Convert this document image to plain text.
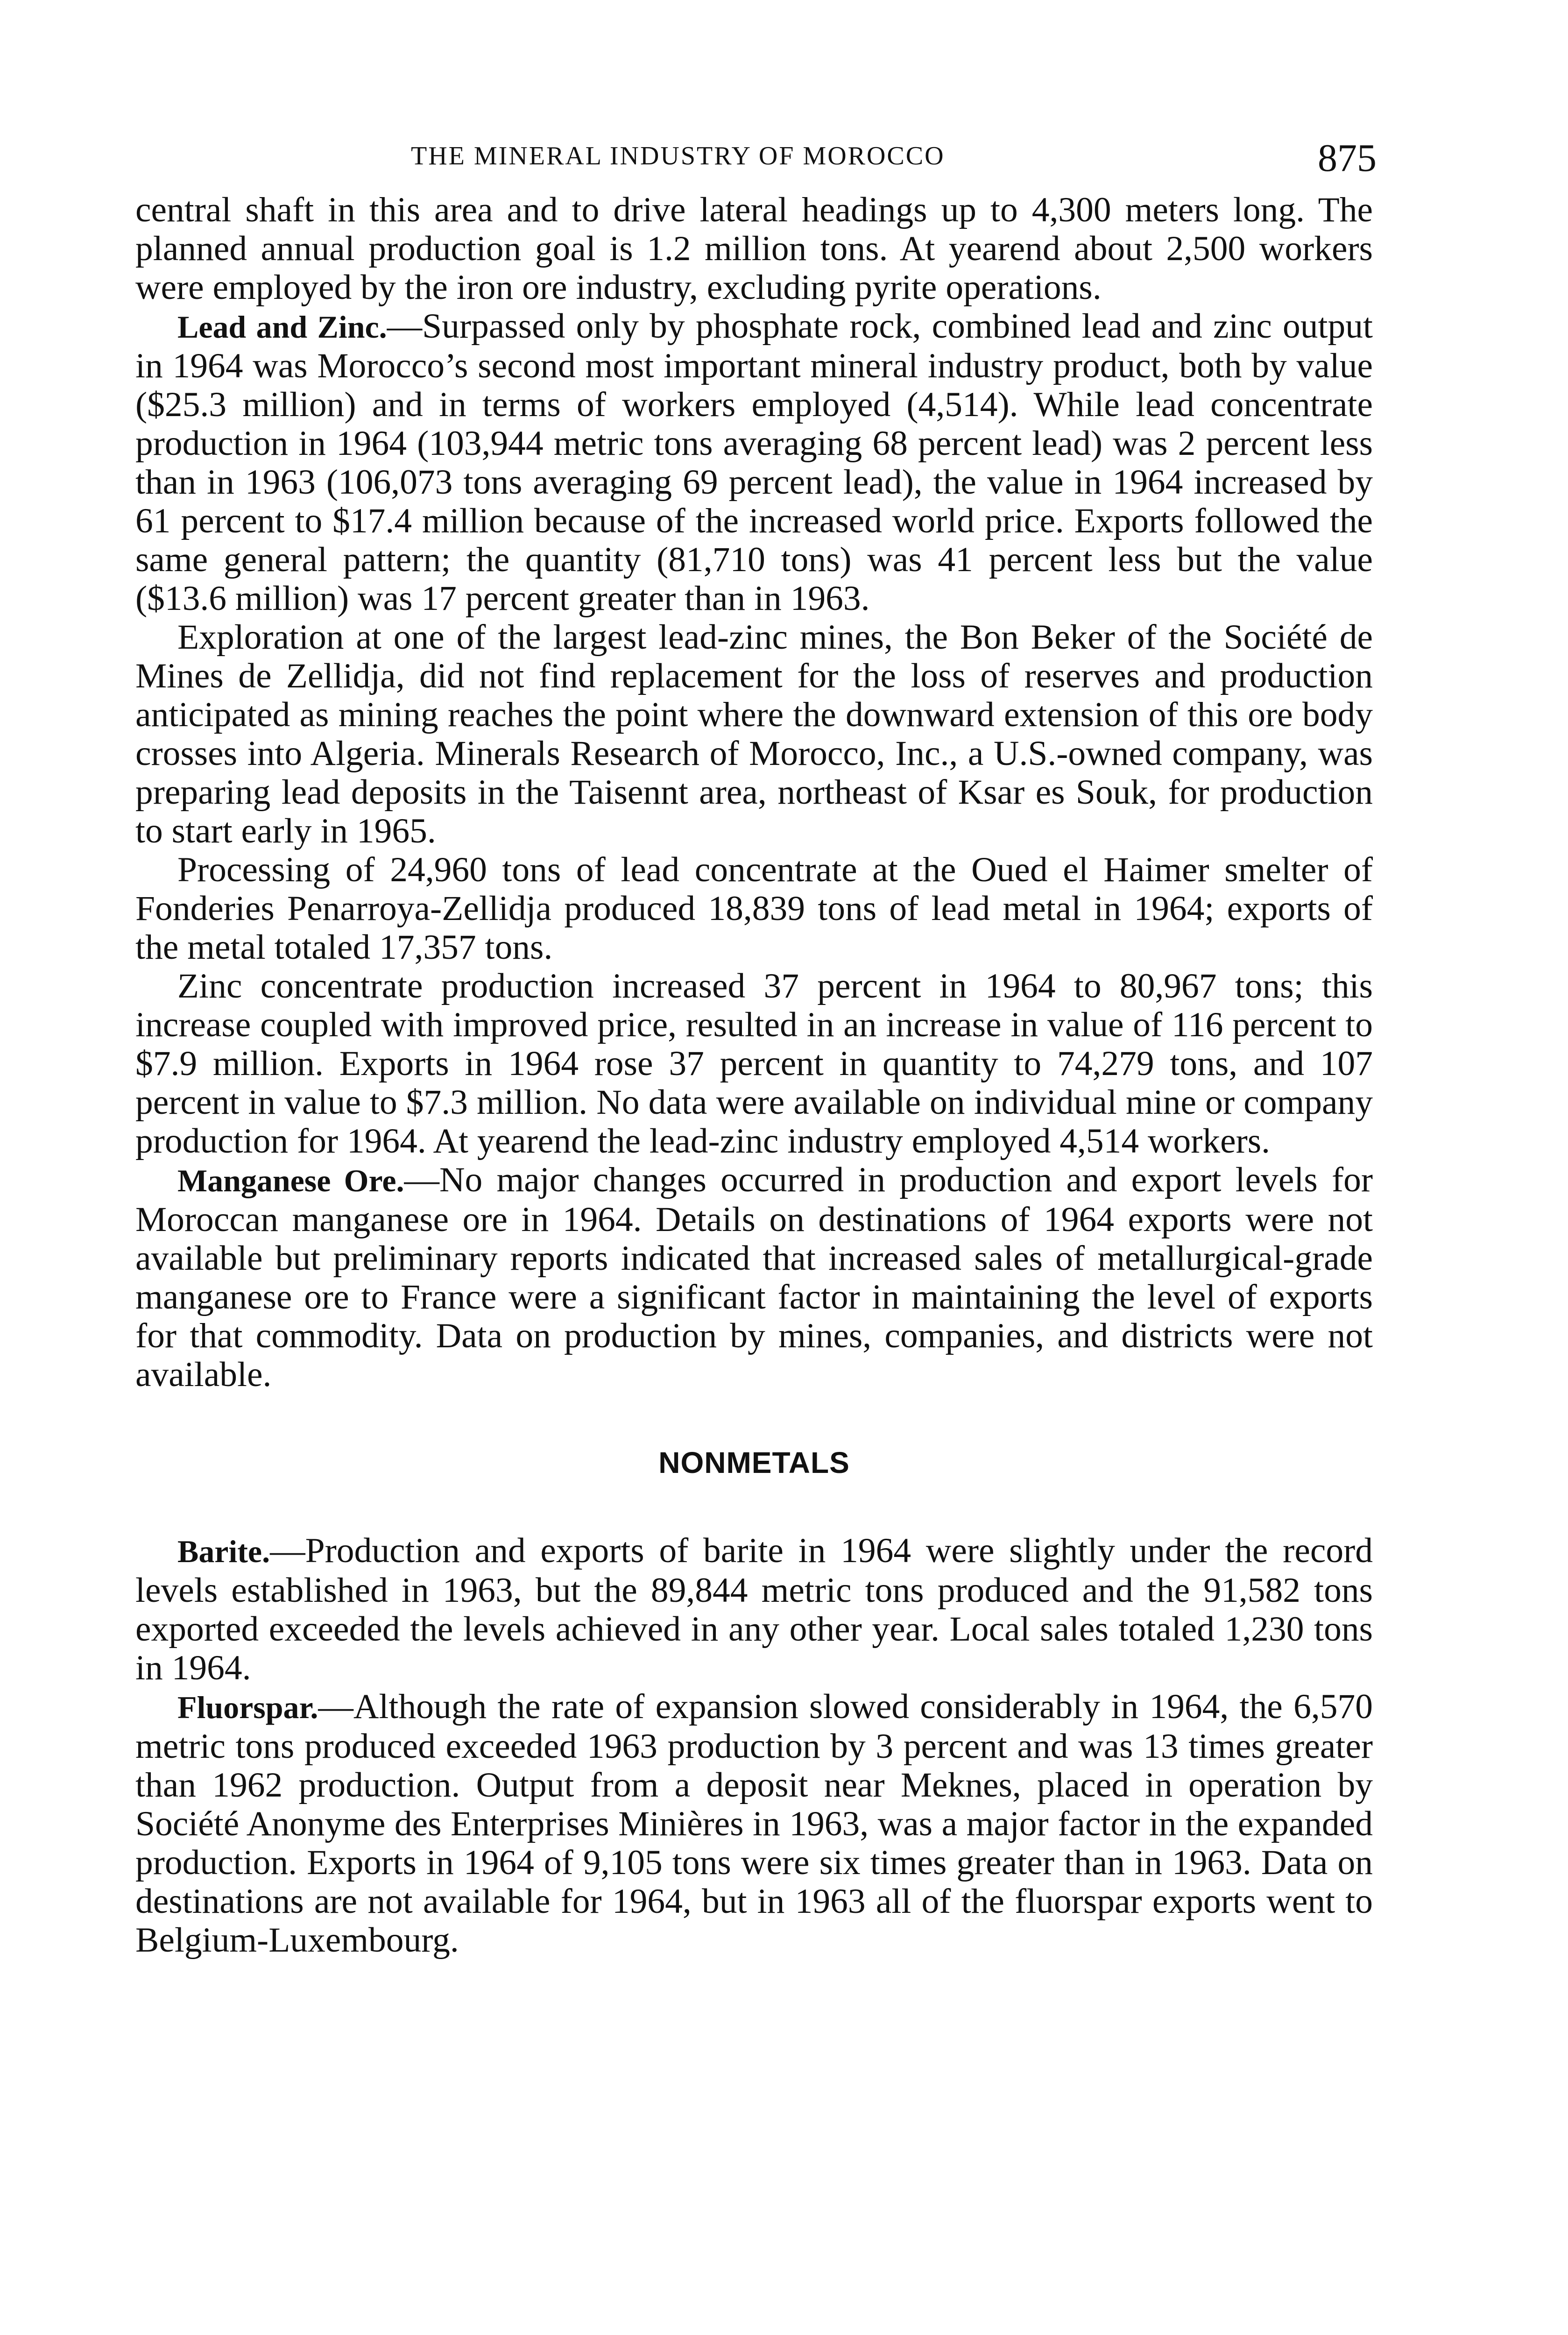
THE MINERAL INDUSTRY OF MOROCCO	875

central shaft in this area and to drive lateral headings up to 4,300 meters long. The planned annual production goal is 1.2 million tons. At yearend about 2,500 workers were employed by the iron ore industry, excluding pyrite operations.

Lead and Zinc.—Surpassed only by phosphate rock, combined lead and zinc output in 1964 was Morocco’s second most important mineral industry product, both by value ($25.3 million) and in terms of workers employed (4,514). While lead concentrate production in 1964 (103,944 metric tons averaging 68 percent lead) was 2 percent less than in 1963 (106,073 tons averaging 69 percent lead), the value in 1964 increased by 61 percent to $17.4 million because of the increased world price. Exports followed the same general pattern; the quantity (81,710 tons) was 41 percent less but the value ($13.6 million) was 17 percent greater than in 1963.

Exploration at one of the largest lead-zinc mines, the Bon Beker of the Société de Mines de Zellidja, did not find replacement for the loss of reserves and production anticipated as mining reaches the point where the downward extension of this ore body crosses into Algeria. Minerals Research of Morocco, Inc., a U.S.-owned company, was preparing lead deposits in the Taisennt area, northeast of Ksar es Souk, for production to start early in 1965.

Processing of 24,960 tons of lead concentrate at the Oued el Haimer smelter of Fonderies Penarroya-Zellidja produced 18,839 tons of lead metal in 1964; exports of the metal totaled 17,357 tons.

Zinc concentrate production increased 37 percent in 1964 to 80,967 tons; this increase coupled with improved price, resulted in an increase in value of 116 percent to $7.9 million. Exports in 1964 rose 37 percent in quantity to 74,279 tons, and 107 percent in value to $7.3 million. No data were available on individual mine or company production for 1964. At yearend the lead-zinc industry employed 4,514 workers.

Manganese Ore.—No major changes occurred in production and export levels for Moroccan manganese ore in 1964. Details on destinations of 1964 exports were not available but preliminary reports indicated that increased sales of metallurgical-grade manganese ore to France were a significant factor in maintaining the level of exports for that commodity. Data on production by mines, companies, and districts were not available.

NONMETALS

Barite.—Production and exports of barite in 1964 were slightly under the record levels established in 1963, but the 89,844 metric tons produced and the 91,582 tons exported exceeded the levels achieved in any other year. Local sales totaled 1,230 tons in 1964.

Fluorspar.—Although the rate of expansion slowed considerably in 1964, the 6,570 metric tons produced exceeded 1963 production by 3 percent and was 13 times greater than 1962 production. Output from a deposit near Meknes, placed in operation by Société Anonyme des Enterprises Minières in 1963, was a major factor in the expanded production. Exports in 1964 of 9,105 tons were six times greater than in 1963. Data on destinations are not available for 1964, but in 1963 all of the fluorspar exports went to Belgium-Luxembourg.
